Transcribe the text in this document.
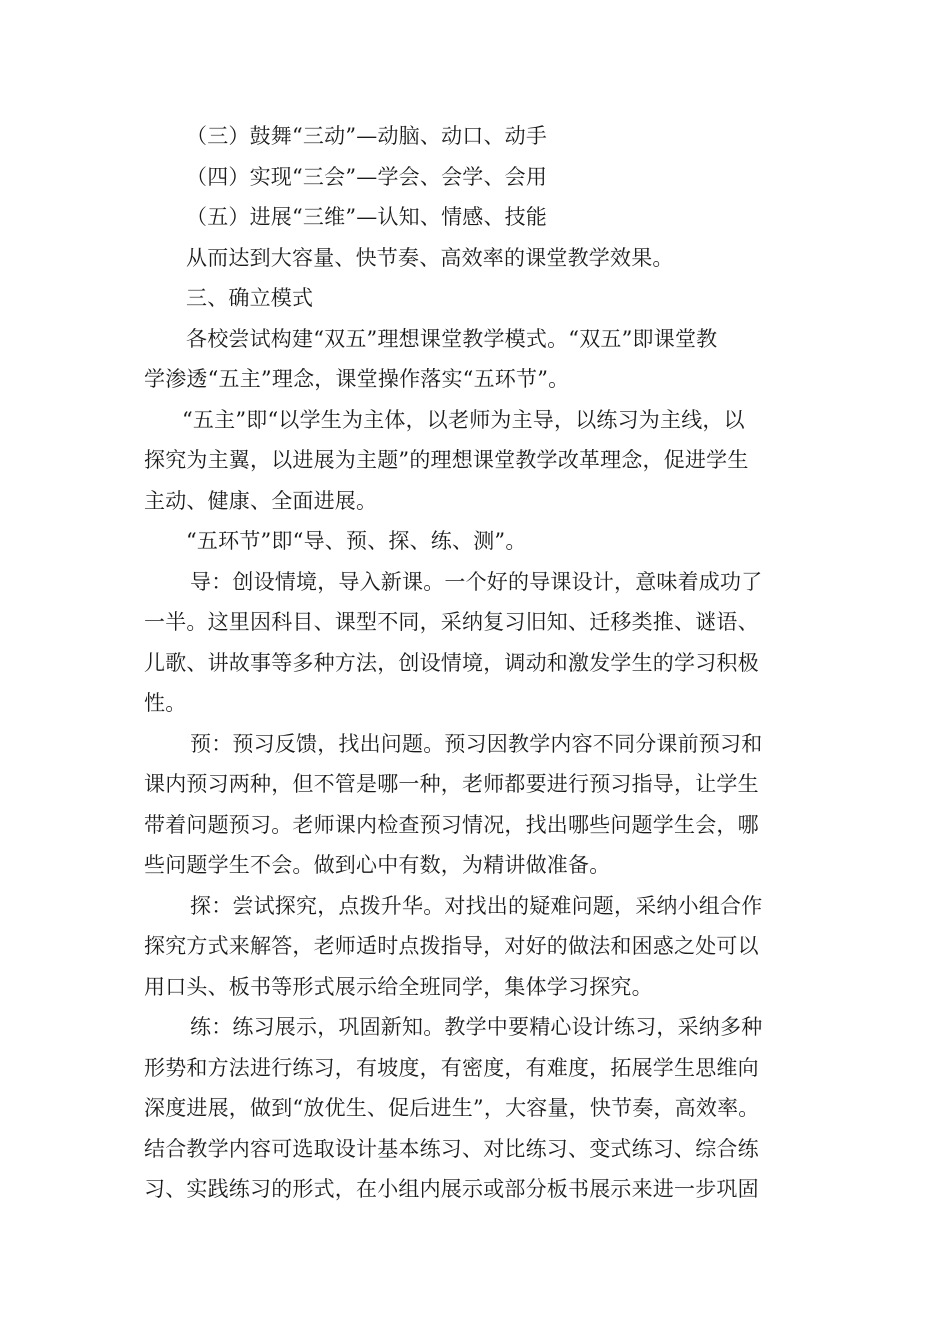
（三）鼓舞“三动”—动脑、动口、动手
（四）实现“三会”—学会、会学、会用
（五）进展“三维”—认知、情感、技能
从而达到大容量、快节奏、高效率的课堂教学效果。
三、确立模式
各校尝试构建“双五”理想课堂教学模式。“双五”即课堂教
学渗透“五主”理念，课堂操作落实“五环节”。
“五主”即“以学生为主体，以老师为主导，以练习为主线，以
探究为主翼，以进展为主题”的理想课堂教学改革理念，促进学生
主动、健康、全面进展。
“五环节”即“导、预、探、练、测”。
导：创设情境，导入新课。一个好的导课设计，意味着成功了
一半。这里因科目、课型不同，采纳复习旧知、迁移类推、谜语、
儿歌、讲故事等多种方法，创设情境，调动和激发学生的学习积极
性。
预：预习反馈，找出问题。预习因教学内容不同分课前预习和
课内预习两种，但不管是哪一种，老师都要进行预习指导，让学生
带着问题预习。老师课内检查预习情况，找出哪些问题学生会，哪
些问题学生不会。做到心中有数，为精讲做准备。
探：尝试探究，点拨升华。对找出的疑难问题，采纳小组合作
探究方式来解答，老师适时点拨指导，对好的做法和困惑之处可以
用口头、板书等形式展示给全班同学，集体学习探究。
练：练习展示，巩固新知。教学中要精心设计练习，采纳多种
形势和方法进行练习，有坡度，有密度，有难度，拓展学生思维向
深度进展，做到“放优生、促后进生”，大容量，快节奏，高效率。
结合教学内容可选取设计基本练习、对比练习、变式练习、综合练
习、实践练习的形式，在小组内展示或部分板书展示来进一步巩固
